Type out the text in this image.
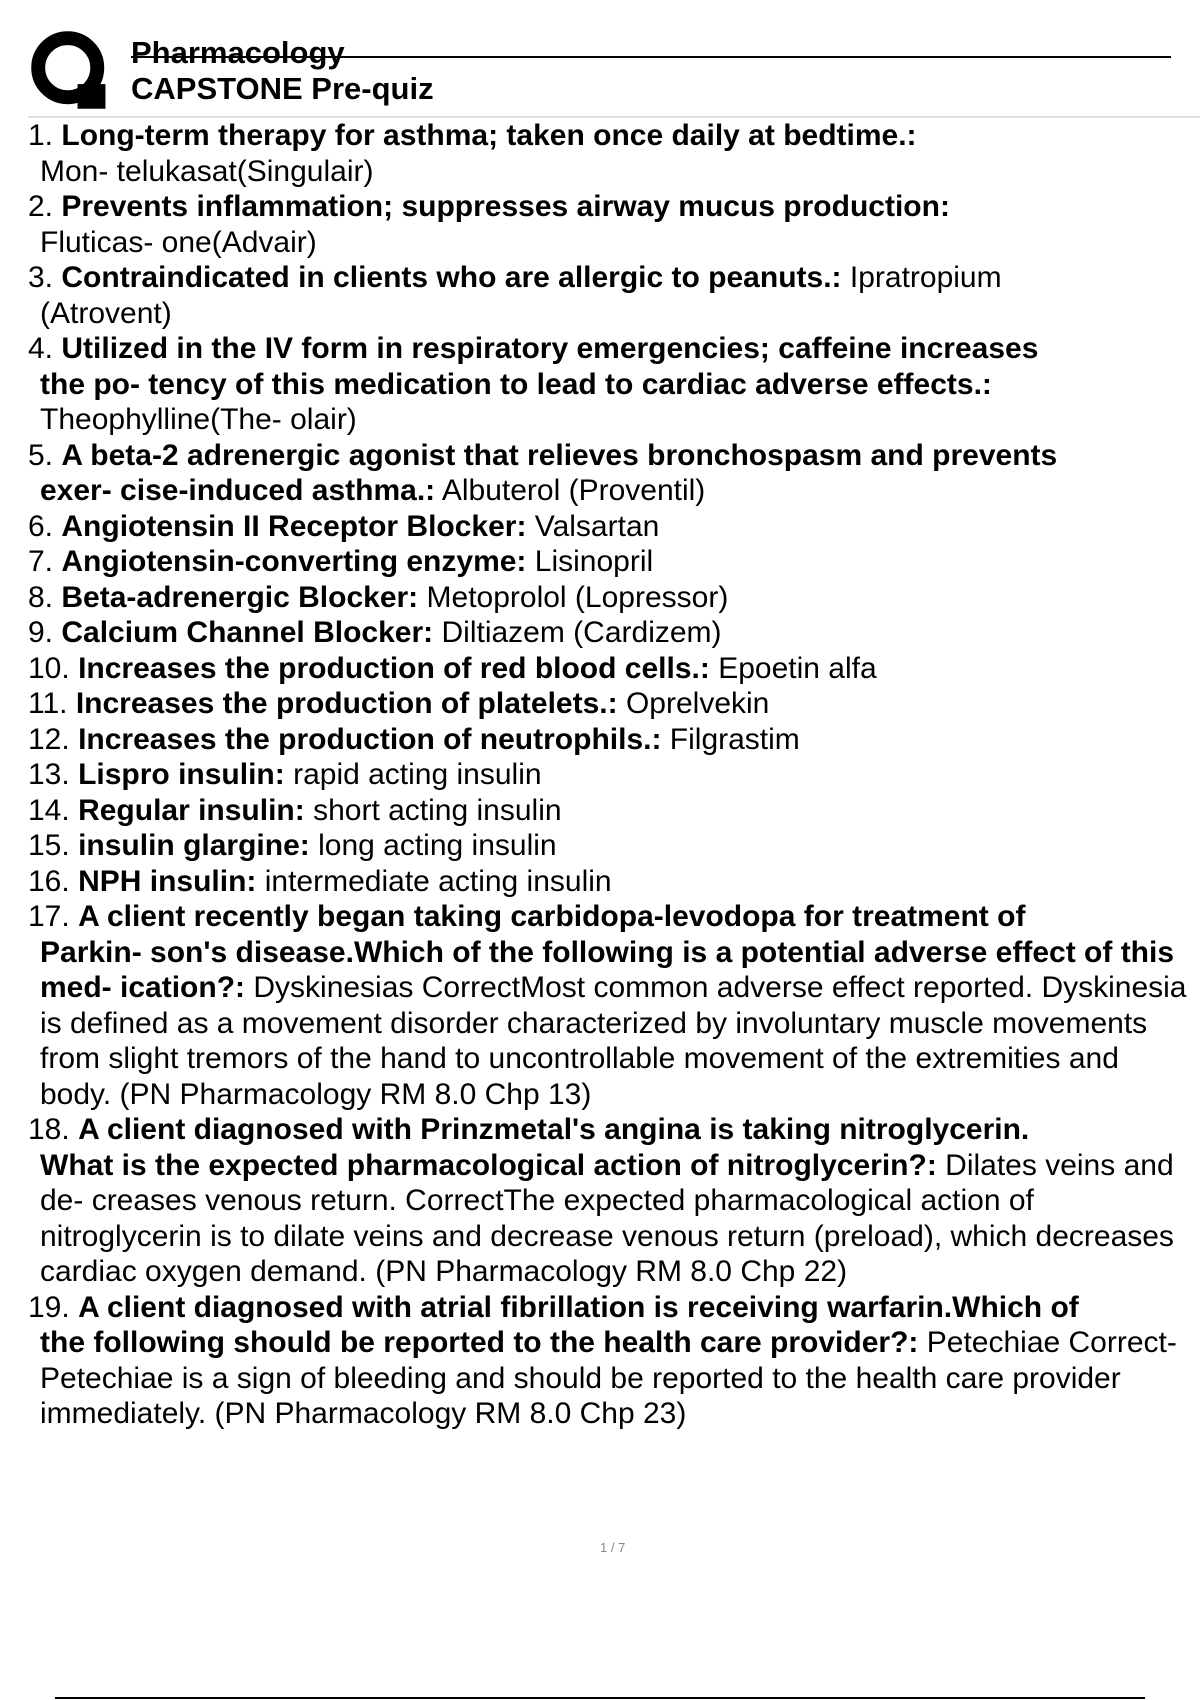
Pharmacology CAPSTONE Pre-quiz
1. Long-term therapy for asthma; taken once daily at bedtime.:
Mon- telukasat(Singulair)
2. Prevents inflammation; suppresses airway mucus production:
Fluticas- one(Advair)
3. Contraindicated in clients who are allergic to peanuts.: Ipratropium
(Atrovent)
4. Utilized in the IV form in respiratory emergencies; caffeine increases
the po- tency of this medication to lead to cardiac adverse effects.: Theophylline(The- olair)
5. A beta-2 adrenergic agonist that relieves bronchospasm and prevents
exer- cise-induced asthma.: Albuterol (Proventil)
6. Angiotensin II Receptor Blocker: Valsartan
7. Angiotensin-converting enzyme: Lisinopril
8. Beta-adrenergic Blocker: Metoprolol (Lopressor)
9. Calcium Channel Blocker: Diltiazem (Cardizem)
10. Increases the production of red blood cells.: Epoetin alfa
11. Increases the production of platelets.: Oprelvekin
12. Increases the production of neutrophils.: Filgrastim
13. Lispro insulin: rapid acting insulin
14. Regular insulin: short acting insulin
15. insulin glargine: long acting insulin
16. NPH insulin: intermediate acting insulin
17. A client recently began taking carbidopa-levodopa for treatment of
Parkin- son's disease.Which of the following is a potential adverse effect of this med- ication?: Dyskinesias CorrectMost common adverse effect reported. Dyskinesia is defined as a movement disorder characterized by involuntary muscle movements from slight tremors of the hand to uncontrollable movement of the extremities and body. (PN Pharmacology RM 8.0 Chp 13)
18. A client diagnosed with Prinzmetal's angina is taking nitroglycerin.
What is the expected pharmacological action of nitroglycerin?: Dilates veins and de- creases venous return. CorrectThe expected pharmacological action of nitroglycerin is to dilate veins and decrease venous return (preload), which decreases cardiac oxygen demand. (PN Pharmacology RM 8.0 Chp 22)
19. A client diagnosed with atrial fibrillation is receiving warfarin.Which of
the following should be reported to the health care provider?: Petechiae Correct- Petechiae is a sign of bleeding and should be reported to the health care provider immediately. (PN Pharmacology RM 8.0 Chp 23)
1 / 7
